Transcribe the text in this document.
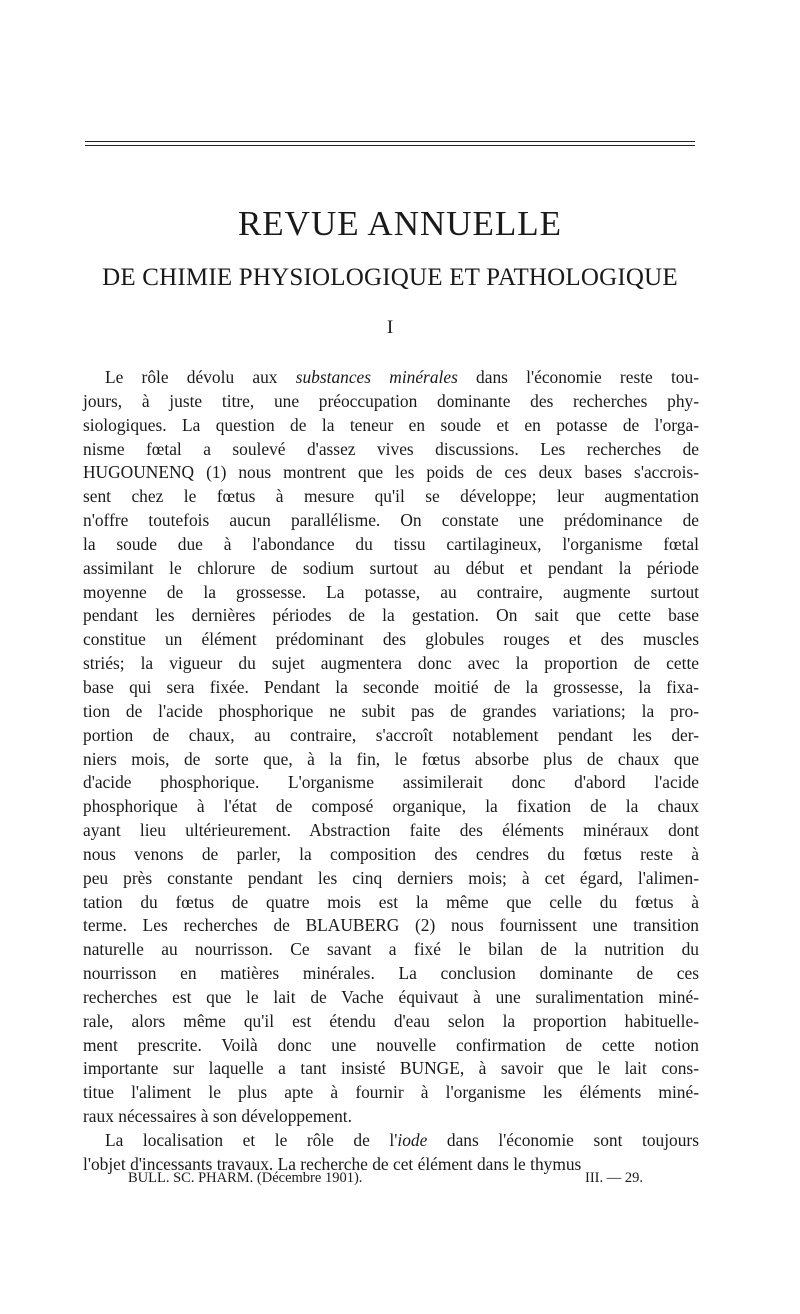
REVUE ANNUELLE
DE CHIMIE PHYSIOLOGIQUE ET PATHOLOGIQUE
I
Le rôle dévolu aux substances minérales dans l'économie reste tou-
jours, à juste titre, une préoccupation dominante des recherches phy-
siologiques. La question de la teneur en soude et en potasse de l'orga-
nisme fœtal a soulevé d'assez vives discussions. Les recherches de
HUGOUNENQ (1) nous montrent que les poids de ces deux bases s'accrois-
sent chez le fœtus à mesure qu'il se développe; leur augmentation
n'offre toutefois aucun parallélisme. On constate une prédominance de
la soude due à l'abondance du tissu cartilagineux, l'organisme fœtal
assimilant le chlorure de sodium surtout au début et pendant la période
moyenne de la grossesse. La potasse, au contraire, augmente surtout
pendant les dernières périodes de la gestation. On sait que cette base
constitue un élément prédominant des globules rouges et des muscles
striés; la vigueur du sujet augmentera donc avec la proportion de cette
base qui sera fixée. Pendant la seconde moitié de la grossesse, la fixa-
tion de l'acide phosphorique ne subit pas de grandes variations; la pro-
portion de chaux, au contraire, s'accroît notablement pendant les der-
niers mois, de sorte que, à la fin, le fœtus absorbe plus de chaux que
d'acide phosphorique. L'organisme assimilerait donc d'abord l'acide
phosphorique à l'état de composé organique, la fixation de la chaux
ayant lieu ultérieurement. Abstraction faite des éléments minéraux dont
nous venons de parler, la composition des cendres du fœtus reste à
peu près constante pendant les cinq derniers mois; à cet égard, l'alimen-
tation du fœtus de quatre mois est la même que celle du fœtus à
terme. Les recherches de BLAUBERG (2) nous fournissent une transition
naturelle au nourrisson. Ce savant a fixé le bilan de la nutrition du
nourrisson en matières minérales. La conclusion dominante de ces
recherches est que le lait de Vache équivaut à une suralimentation miné-
rale, alors même qu'il est étendu d'eau selon la proportion habituelle-
ment prescrite. Voilà donc une nouvelle confirmation de cette notion
importante sur laquelle a tant insisté BUNGE, à savoir que le lait cons-
titue l'aliment le plus apte à fournir à l'organisme les éléments miné-
raux nécessaires à son développement.
La localisation et le rôle de l'iode dans l'économie sont toujours
l'objet d'incessants travaux. La recherche de cet élément dans le thymus
BULL. SC. PHARM. (Décembre 1901).	III. — 29.
